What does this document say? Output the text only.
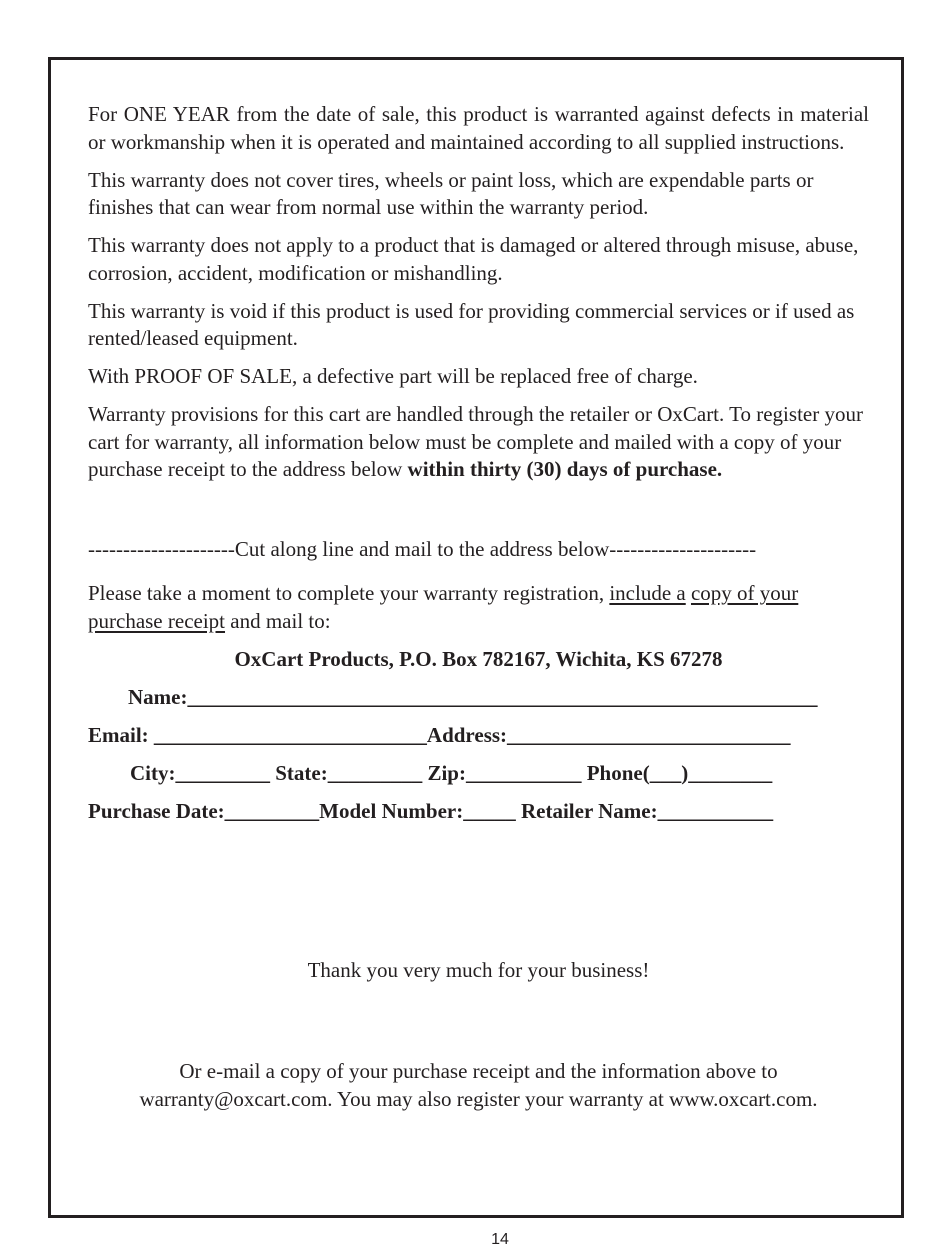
For ONE YEAR from the date of sale, this product is warranted against defects in material or workmanship when it is operated and maintained according to all supplied instructions.

This warranty does not cover tires, wheels or paint loss, which are expendable parts or finishes that can wear from normal use within the warranty period.

This warranty does not apply to a product that is damaged or altered through misuse, abuse, corrosion, accident, modification or mishandling.

This warranty is void if this product is used for providing commercial services or if used as rented/leased equipment.

With PROOF OF SALE, a defective part will be replaced free of charge.

Warranty provisions for this cart are handled through the retailer or OxCart. To register your cart for warranty, all information below must be complete and mailed with a copy of your purchase receipt to the address below within thirty (30) days of purchase.

---------------------Cut along line and mail to the address below---------------------

Please take a moment to complete your warranty registration, include a copy of your purchase receipt and mail to:

OxCart Products, P.O. Box 782167, Wichita, KS 67278

Name:____________________________________________________________

Email: __________________________Address:___________________________

City:_________ State:_________ Zip:___________ Phone(___)________

Purchase Date:_________Model Number:_____ Retailer Name:___________

Thank you very much for your business!
Or e-mail a copy of your purchase receipt and the information above to warranty@oxcart.com. You may also register your warranty at www.oxcart.com.
14
